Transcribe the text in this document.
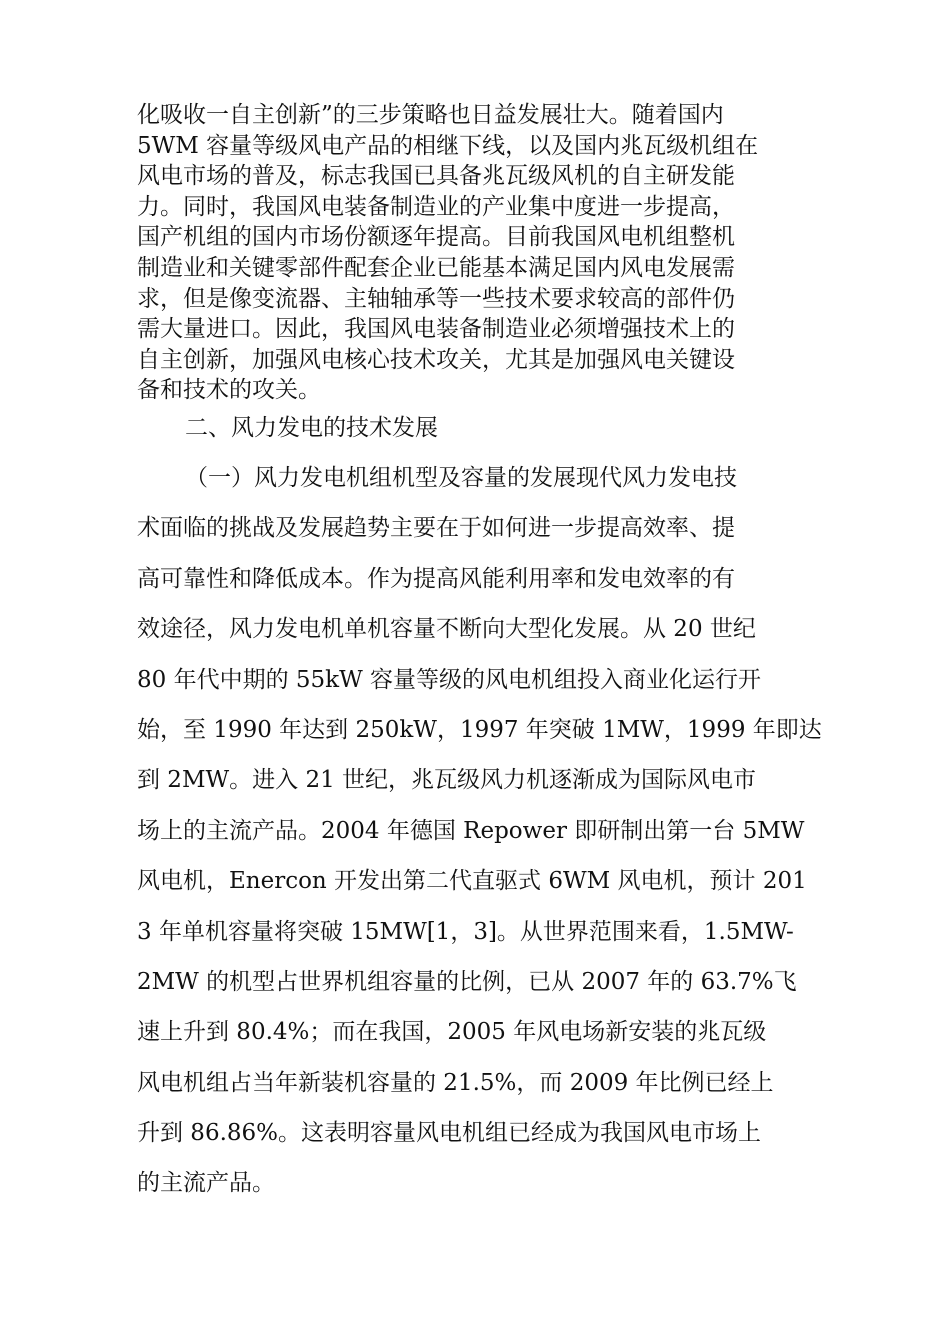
化吸收一自主创新”的三步策略也日益发展壮大。随着国内
5WM 容量等级风电产品的相继下线，以及国内兆瓦级机组在
风电市场的普及，标志我国已具备兆瓦级风机的自主研发能
力。同时，我国风电装备制造业的产业集中度进一步提高，
国产机组的国内市场份额逐年提高。目前我国风电机组整机
制造业和关键零部件配套企业已能基本满足国内风电发展需
求，但是像变流器、主轴轴承等一些技术要求较高的部件仍
需大量进口。因此，我国风电装备制造业必须增强技术上的
自主创新，加强风电核心技术攻关，尤其是加强风电关键设
备和技术的攻关。
二、风力发电的技术发展
（一）风力发电机组机型及容量的发展现代风力发电技
术面临的挑战及发展趋势主要在于如何进一步提高效率、提
高可靠性和降低成本。作为提高风能利用率和发电效率的有
效途径，风力发电机单机容量不断向大型化发展。从 20 世纪
80 年代中期的 55kW 容量等级的风电机组投入商业化运行开
始，至 1990 年达到 250kW，1997 年突破 1MW，1999 年即达
到 2MW。进入 21 世纪，兆瓦级风力机逐渐成为国际风电市
场上的主流产品。2004 年德国 Repower 即研制出第一台 5MW
风电机，Enercon 开发出第二代直驱式 6WM 风电机，预计 201
3 年单机容量将突破 15MW[1，3]。从世界范围来看，1.5MW-
2MW 的机型占世界机组容量的比例，已从 2007 年的 63.7%飞
速上升到 80.4%；而在我国，2005 年风电场新安装的兆瓦级
风电机组占当年新装机容量的 21.5%，而 2009 年比例已经上
升到 86.86%。这表明容量风电机组已经成为我国风电市场上
的主流产品。
